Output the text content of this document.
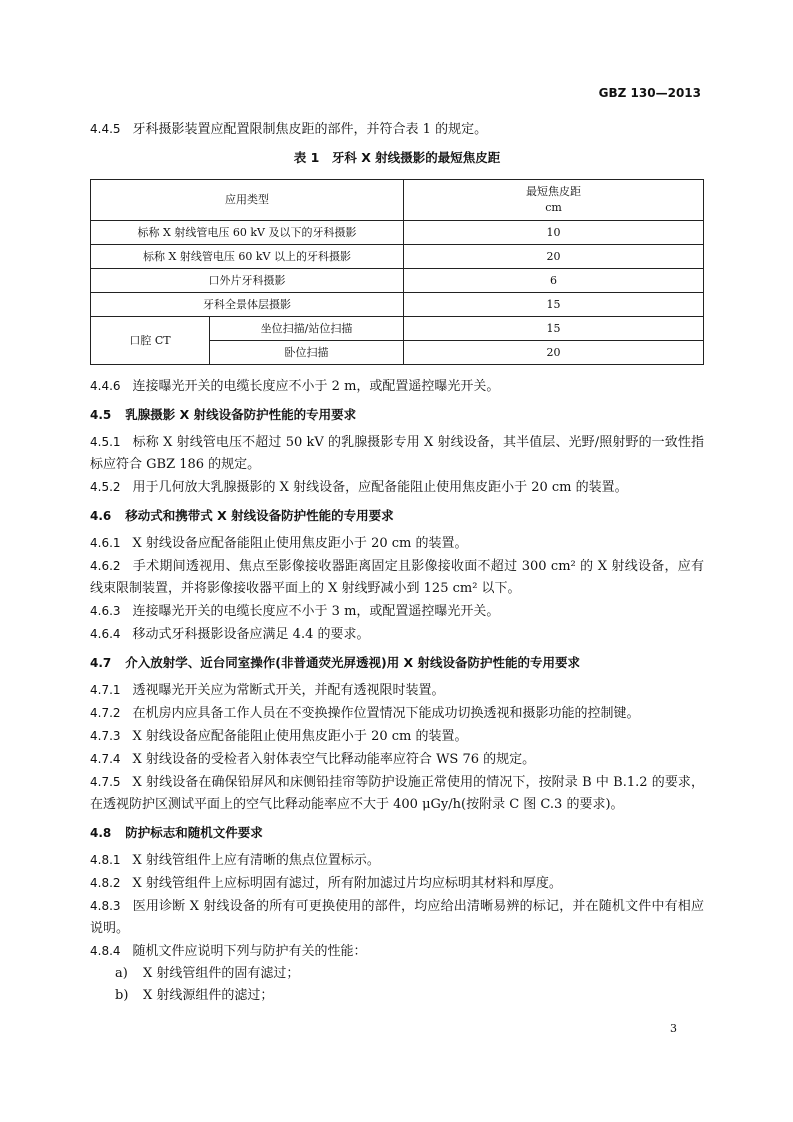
GBZ 130—2013

4.4.5 牙科摄影装置应配置限制焦皮距的部件，并符合表 1 的规定。

表 1　牙科 X 射线摄影的最短焦皮距
应用类型		最短焦皮距
cm

标称 X 射线管电压 60 kV 及以下的牙科摄影		10
标称 X 射线管电压 60 kV 以上的牙科摄影		20
口外片牙科摄影		6
牙科全景体层摄影		15
口腔 CT	坐位扫描/站位扫描	15
	卧位扫描	20

4.4.6 连接曝光开关的电缆长度应不小于 2 m，或配置遥控曝光开关。

4.5 乳腺摄影 X 射线设备防护性能的专用要求

4.5.1 标称 X 射线管电压不超过 50 kV 的乳腺摄影专用 X 射线设备，其半值层、光野/照射野的一致性指标应符合 GBZ 186 的规定。

4.5.2 用于几何放大乳腺摄影的 X 射线设备，应配备能阻止使用焦皮距小于 20 cm 的装置。

4.6 移动式和携带式 X 射线设备防护性能的专用要求

4.6.1 X 射线设备应配备能阻止使用焦皮距小于 20 cm 的装置。

4.6.2 手术期间透视用、焦点至影像接收器距离固定且影像接收面不超过 300 cm² 的 X 射线设备，应有线束限制装置，并将影像接收器平面上的 X 射线野减小到 125 cm² 以下。

4.6.3 连接曝光开关的电缆长度应不小于 3 m，或配置遥控曝光开关。

4.6.4 移动式牙科摄影设备应满足 4.4 的要求。

4.7 介入放射学、近台同室操作(非普通荧光屏透视)用 X 射线设备防护性能的专用要求

4.7.1 透视曝光开关应为常断式开关，并配有透视限时装置。

4.7.2 在机房内应具备工作人员在不变换操作位置情况下能成功切换透视和摄影功能的控制键。

4.7.3 X 射线设备应配备能阻止使用焦皮距小于 20 cm 的装置。

4.7.4 X 射线设备的受检者入射体表空气比释动能率应符合 WS 76 的规定。

4.7.5 X 射线设备在确保铅屏风和床侧铅挂帘等防护设施正常使用的情况下，按附录 B 中 B.1.2 的要求，在透视防护区测试平面上的空气比释动能率应不大于 400 μGy/h(按附录 C 图 C.3 的要求)。

4.8 防护标志和随机文件要求

4.8.1 X 射线管组件上应有清晰的焦点位置标示。

4.8.2 X 射线管组件上应标明固有滤过，所有附加滤过片均应标明其材料和厚度。

4.8.3 医用诊断 X 射线设备的所有可更换使用的部件，均应给出清晰易辨的标记，并在随机文件中有相应说明。

4.8.4 随机文件应说明下列与防护有关的性能：

a) X 射线管组件的固有滤过；
b) X 射线源组件的滤过；
3
